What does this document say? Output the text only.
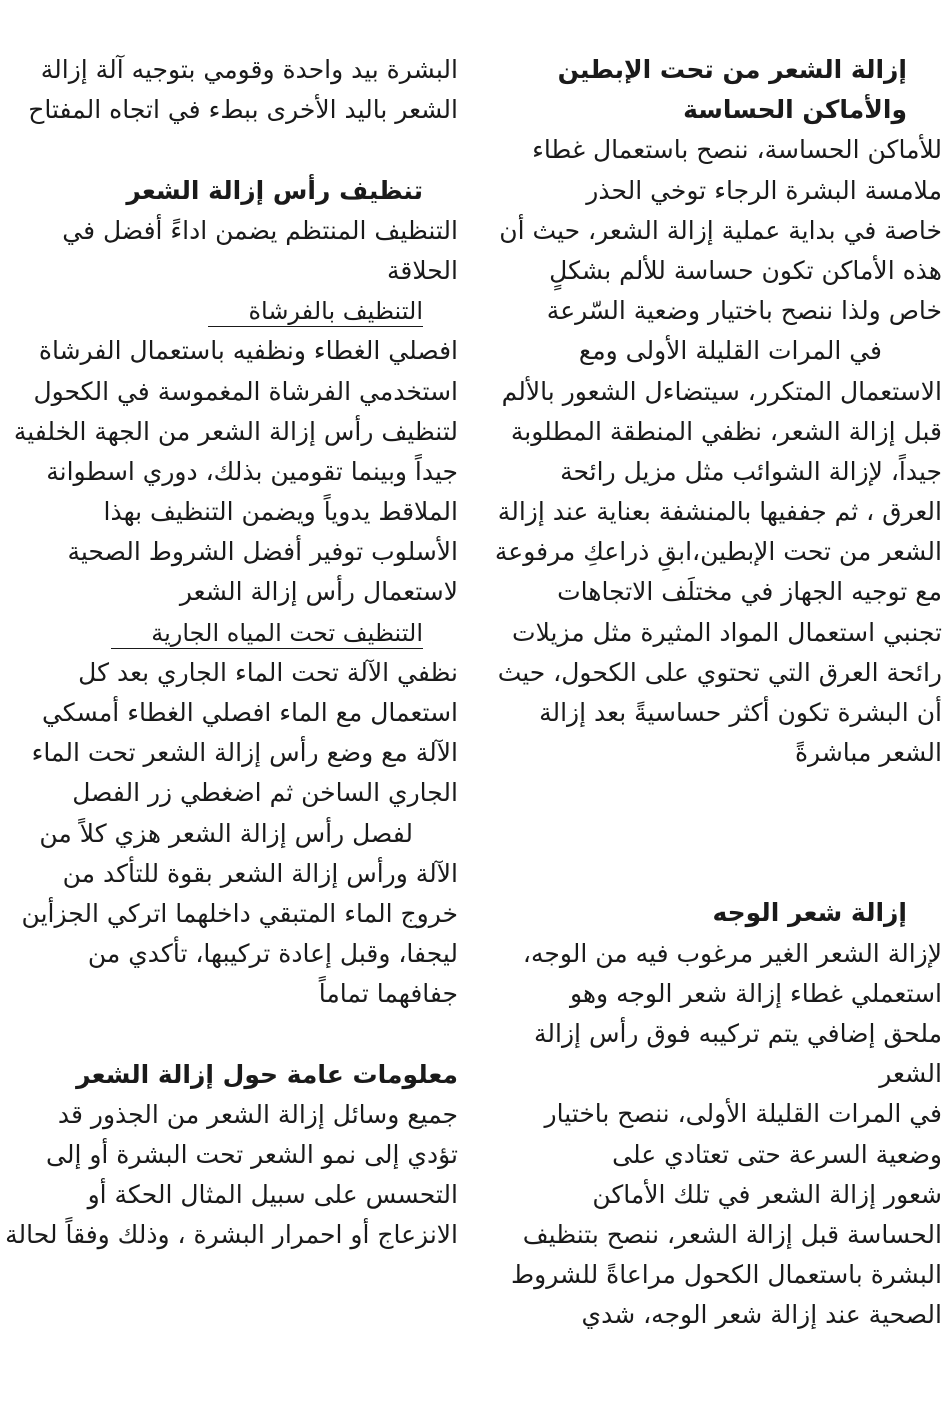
إزالة الشعر من تحت الإبطين
والأماكن الحساسة
للأماكن الحساسة، ننصح باستعمال غطاء
ملامسة البشرة الرجاء توخي الحذر
خاصة في بداية عملية إزالة الشعر، حيث أن
هذه الأماكن تكون حساسة للألم بشكلٍ
خاص ولذا ننصح باختيار وضعية السّرعة
في المرات القليلة الأولى ومع
الاستعمال المتكرر، سيتضاءل الشعور بالألم
قبل إزالة الشعر، نظفي المنطقة المطلوبة
جيداً، لإزالة الشوائب مثل مزيل رائحة
العرق ، ثم جففيها بالمنشفة بعناية عند إزالة
الشعر من تحت الإبطين،ابقِ ذراعكِ مرفوعة
مع توجيه الجهاز في مختلَف الاتجاهات
تجنبي استعمال المواد المثيرة مثل مزيلات
رائحة العرق التي تحتوي على الكحول، حيث
أن البشرة تكون أكثر حساسيةً بعد إزالة
الشعر مباشرةً
إزالة شعر الوجه
لإزالة الشعر الغير مرغوب فيه من الوجه،
استعملي غطاء إزالة شعر الوجه وهو
ملحق إضافي يتم تركيبه فوق رأس إزالة
الشعر
في المرات القليلة الأولى، ننصح باختيار
وضعية السرعة حتى تعتادي على
شعور إزالة الشعر في تلك الأماكن
الحساسة قبل إزالة الشعر، ننصح بتنظيف
البشرة باستعمال الكحول مراعاةً للشروط
الصحية عند إزالة شعر الوجه، شدي
البشرة بيد واحدة وقومي بتوجيه آلة إزالة
الشعر باليد الأخرى ببطء في اتجاه المفتاح
تنظيف رأس إزالة الشعر
التنظيف المنتظم يضمن اداءً أفضل في
الحلاقة
التنظيف بالفرشاة
افصلي الغطاء ونظفيه باستعمال الفرشاة
استخدمي الفرشاة المغموسة في الكحول
لتنظيف رأس إزالة الشعر من الجهة الخلفية
جيداً وبينما تقومين بذلك، دوري اسطوانة
الملاقط يدوياً ويضمن التنظيف بهذا
الأسلوب توفير أفضل الشروط الصحية
لاستعمال رأس إزالة الشعر
التنظيف تحت المياه الجارية
نظفي الآلة تحت الماء الجاري بعد كل
استعمال مع الماء افصلي الغطاء أمسكي
الآلة مع وضع رأس إزالة الشعر تحت الماء
الجاري الساخن ثم اضغطي زر الفصل
لفصل رأس إزالة الشعر هزي كلاً من
الآلة ورأس إزالة الشعر بقوة للتأكد من
خروج الماء المتبقي داخلهما اتركي الجزأين
ليجفا، وقبل إعادة تركيبها، تأكدي من
جفافهما تماماً
معلومات عامة حول إزالة الشعر
جميع وسائل إزالة الشعر من الجذور قد
تؤدي إلى نمو الشعر تحت البشرة أو إلى
التحسس على سبيل المثال الحكة أو
الانزعاج أو احمرار البشرة ، وذلك وفقاً لحالة
